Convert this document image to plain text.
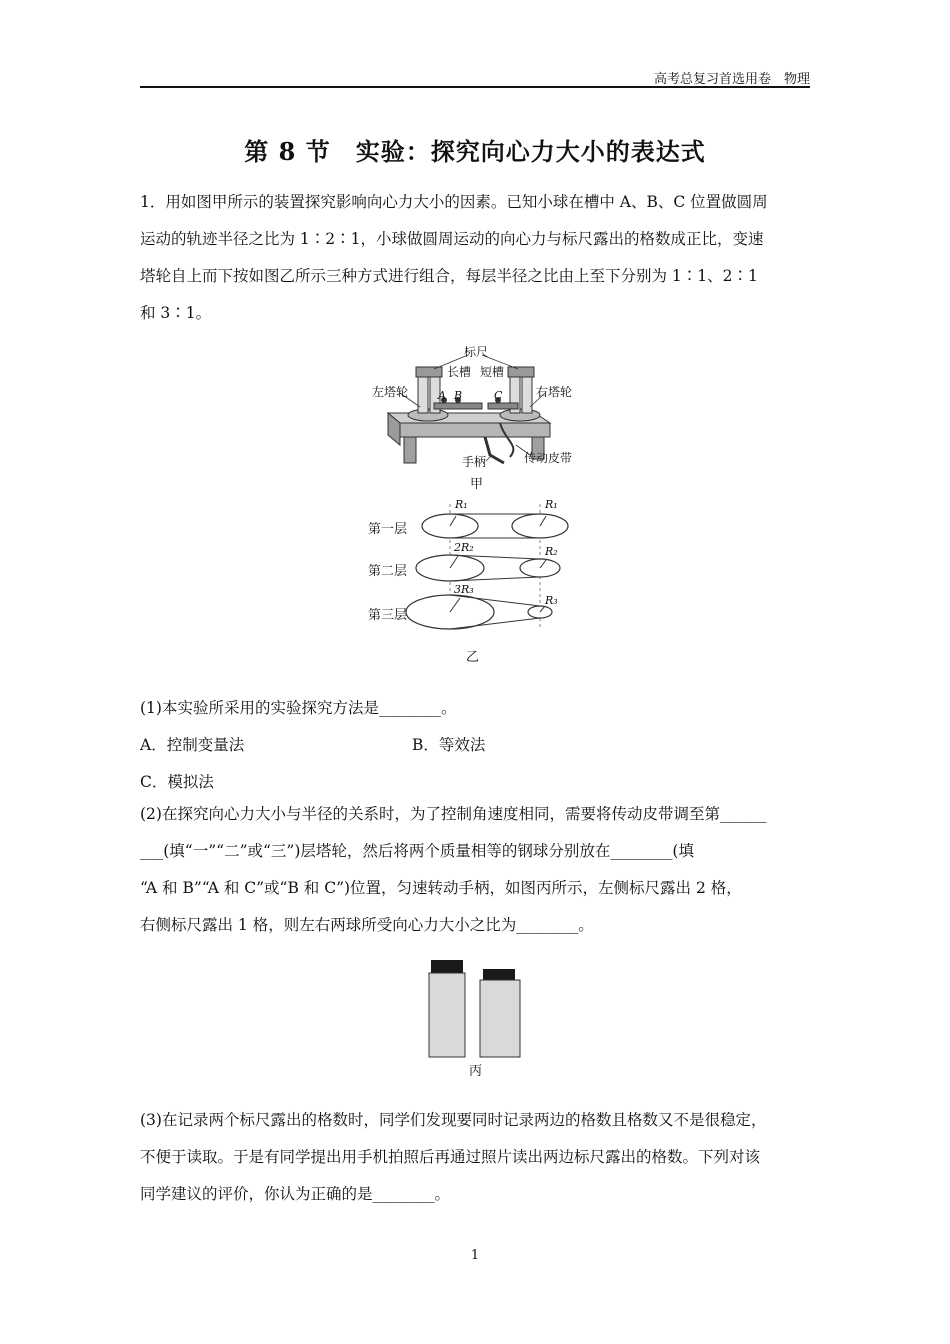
高考总复习首选用卷　物理
第 8 节　实验：探究向心力大小的表达式
1．用如图甲所示的装置探究影响向心力大小的因素。已知小球在槽中 A、B、C 位置做圆周
运动的轨迹半径之比为 1∶2∶1，小球做圆周运动的向心力与标尺露出的格数成正比，变速
塔轮自上而下按如图乙所示三种方式进行组合，每层半径之比由上至下分别为 1∶1、2∶1
和 3∶1。
标尺
长槽 短槽
左塔轮	右塔轮
A B	C
手柄	传动皮带
甲
第一层
第二层
第三层
R₁	R₁
2R₂	R₂
3R₃
R₃
乙
(1)本实验所采用的实验探究方法是________。
A．控制变量法	B．等效法
C．模拟法
(2)在探究向心力大小与半径的关系时，为了控制角速度相同，需要将传动皮带调至第______
___(填“一”“二”或“三”)层塔轮，然后将两个质量相等的钢球分别放在________(填
“A 和 B”“A 和 C”或“B 和 C”)位置，匀速转动手柄，如图丙所示，左侧标尺露出 2 格，
右侧标尺露出 1 格，则左右两球所受向心力大小之比为________。
丙
(3)在记录两个标尺露出的格数时，同学们发现要同时记录两边的格数且格数又不是很稳定，
不便于读取。于是有同学提出用手机拍照后再通过照片读出两边标尺露出的格数。下列对该
同学建议的评价，你认为正确的是________。
1
